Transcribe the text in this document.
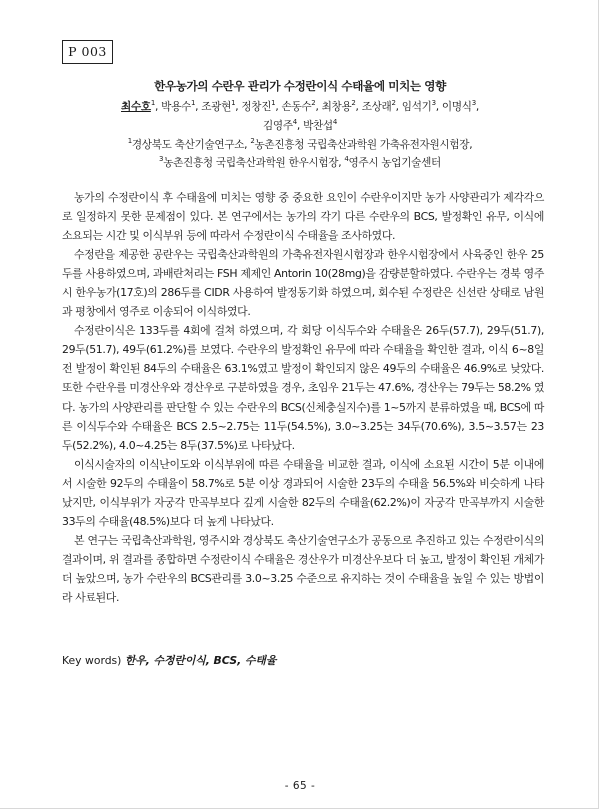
P 003
한우농가의 수란우 관리가 수정란이식 수태율에 미치는 영향
최수호$^1$, 박용수$^1$, 조광현$^1$, 정창진$^1$, 손동수$^2$, 최창용$^2$, 조상래$^2$, 임석기$^3$, 이명식$^3$,
김영주$^4$, 박찬섭$^4$
$^1$경상북도 축산기술연구소, $^2$농촌진흥청 국립축산과학원 가축유전자원시험장,
$^3$농촌진흥청 국립축산과학원 한우시험장, $^4$영주시 농업기술센터

농가의 수정란이식 후 수태율에 미치는 영향 중 중요한 요인이 수란우이지만 농가 사양관리가 제각각으로 일정하지 못한 문제점이 있다. 본 연구에서는 농가의 각기 다른 수란우의 BCS, 발정확인 유무, 이식에 소요되는 시간 및 이식부위 등에 따라서 수정란이식 수태율을 조사하였다.

수정란을 제공한 공란우는 국립축산과학원의 가축유전자원시험장과 한우시험장에서 사육중인 한우 25두를 사용하였으며, 과배란처리는 FSH 제제인 Antorin 10(28mg)을 감량분할하였다. 수란우는 경북 영주시 한우농가(17호)의 286두를 CIDR 사용하여 발정동기화 하였으며, 회수된 수정란은 신선란 상태로 남원과 평창에서 영주로 이송되어 이식하였다.

수정란이식은 133두를 4회에 걸쳐 하였으며, 각 회당 이식두수와 수태율은 26두(57.7), 29두(51.7), 29두(51.7), 49두(61.2%)를 보였다. 수란우의 발정확인 유무에 따라 수태율을 확인한 결과, 이식 6~8일전 발정이 확인된 84두의 수태율은 63.1%였고 발정이 확인되지 않은 49두의 수태율은 46.9%로 낮았다. 또한 수란우를 미경산우와 경산우로 구분하였을 경우, 초임우 21두는 47.6%, 경산우는 79두는 58.2% 였다. 농가의 사양관리를 판단할 수 있는 수란우의 BCS(신체충실지수)를 1~5까지 분류하였을 때, BCS에 따른 이식두수와 수태율은 BCS 2.5~2.75는 11두(54.5%), 3.0~3.25는 34두(70.6%), 3.5~3.57는 23두(52.2%), 4.0~4.25는 8두(37.5%)로 나타났다.

이식시술자의 이식난이도와 이식부위에 따른 수태율을 비교한 결과, 이식에 소요된 시간이 5분 이내에서 시술한 92두의 수태율이 58.7%로 5분 이상 경과되어 시술한 23두의 수태율 56.5%와 비슷하게 나타났지만, 이식부위가 자궁각 만곡부보다 깊게 시술한 82두의 수태율(62.2%)이 자궁각 만곡부까지 시술한 33두의 수태율(48.5%)보다 더 높게 나타났다.

본 연구는 국립축산과학원, 영주시와 경상북도 축산기술연구소가 공동으로 추진하고 있는 수정란이식의 결과이며, 위 결과를 종합하면 수정란이식 수태율은 경산우가 미경산우보다 더 높고, 발정이 확인된 개체가 더 높았으며, 농가 수란우의 BCS관리를 3.0~3.25 수준으로 유지하는 것이 수태율을 높일 수 있는 방법이라 사료된다.

Key words) 한우, 수정란이식, BCS, 수태율
- 65 -
